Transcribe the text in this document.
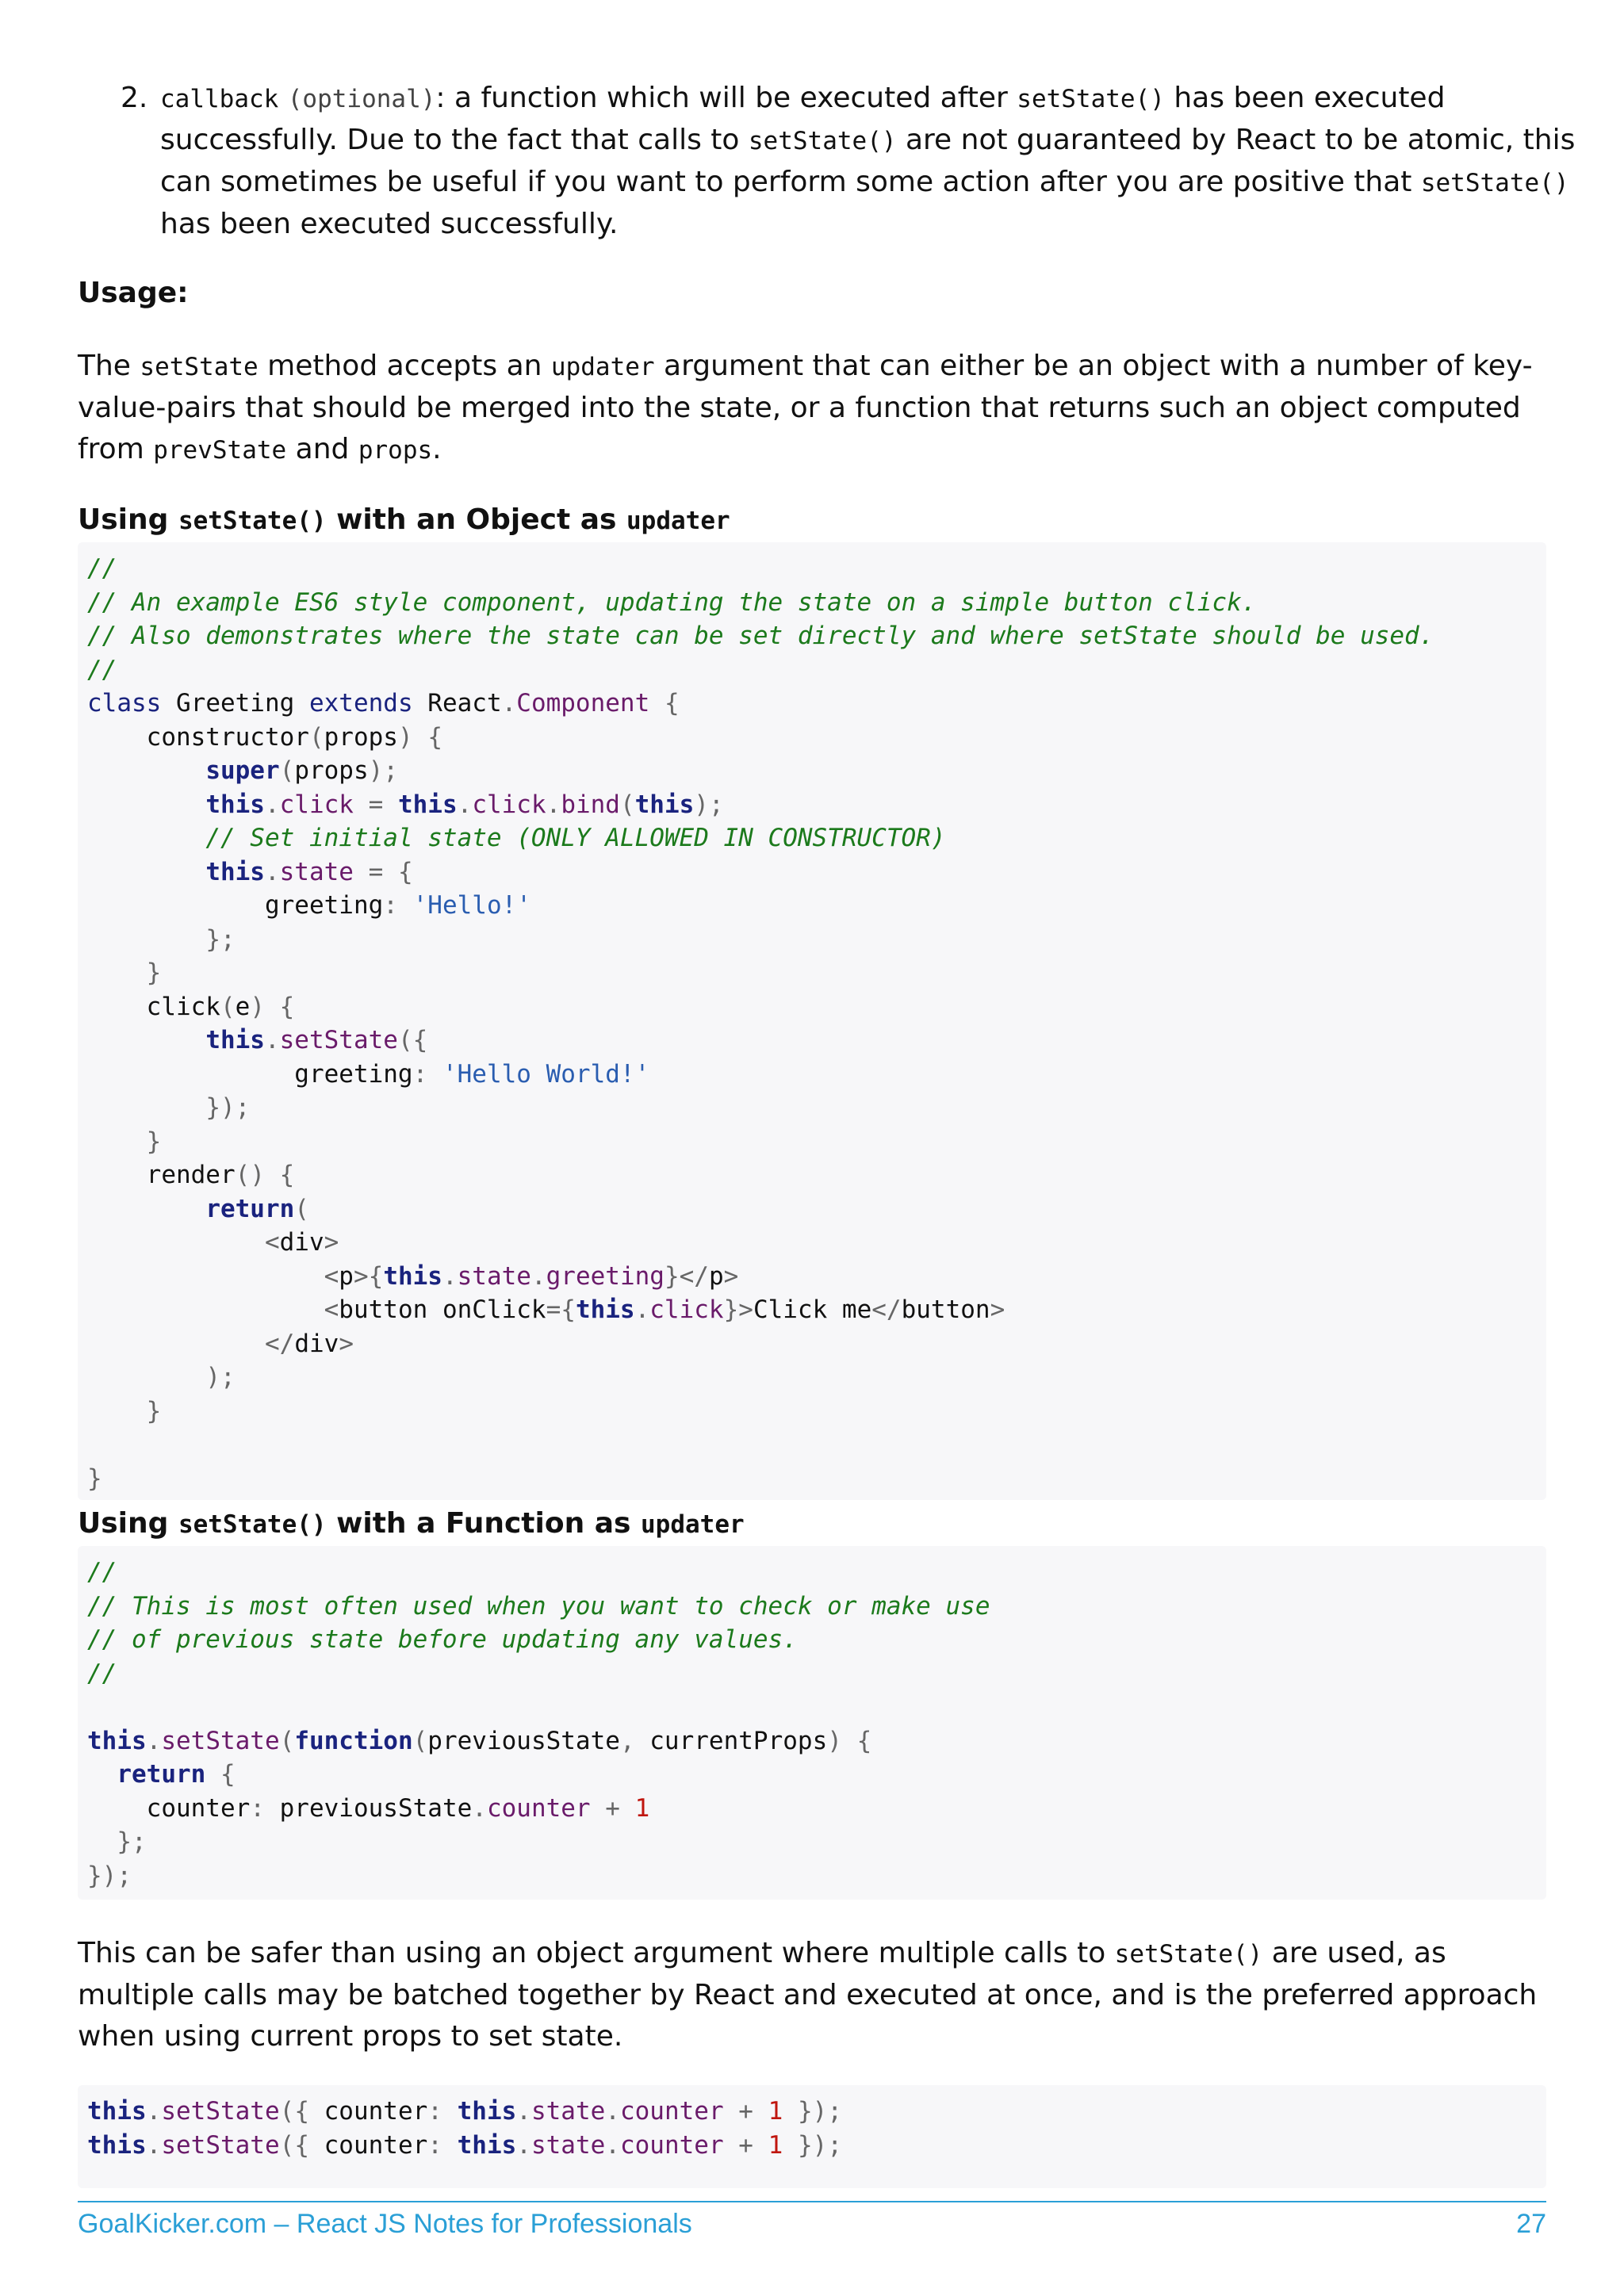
2. callback (optional): a function which will be executed after setState() has been executed successfully. Due to the fact that calls to setState() are not guaranteed by React to be atomic, this can sometimes be useful if you want to perform some action after you are positive that setState() has been executed successfully.
Usage:
The setState method accepts an updater argument that can either be an object with a number of key-value-pairs that should be merged into the state, or a function that returns such an object computed from prevState and props.
Using setState() with an Object as updater
//
// An example ES6 style component, updating the state on a simple button click.
// Also demonstrates where the state can be set directly and where setState should be used.
//
class Greeting extends React.Component {
constructor(props) {
super(props);
this.click = this.click.bind(this);
// Set initial state (ONLY ALLOWED IN CONSTRUCTOR)
this.state = {
greeting: 'Hello!'
};
}
click(e) {
this.setState({
greeting: 'Hello World!'
});
}
render() {
return(
<div>
<p>{this.state.greeting}</p>
<button onClick={this.click}>Click me</button>
</div>
);
}
}
Using setState() with a Function as updater
//
// This is most often used when you want to check or make use
// of previous state before updating any values.
//
this.setState(function(previousState, currentProps) {
return {
counter: previousState.counter + 1
};
});
This can be safer than using an object argument where multiple calls to setState() are used, as multiple calls may be batched together by React and executed at once, and is the preferred approach when using current props to set state.
this.setState({ counter: this.state.counter + 1 });
this.setState({ counter: this.state.counter + 1 });
GoalKicker.com – React JS Notes for Professionals	27
